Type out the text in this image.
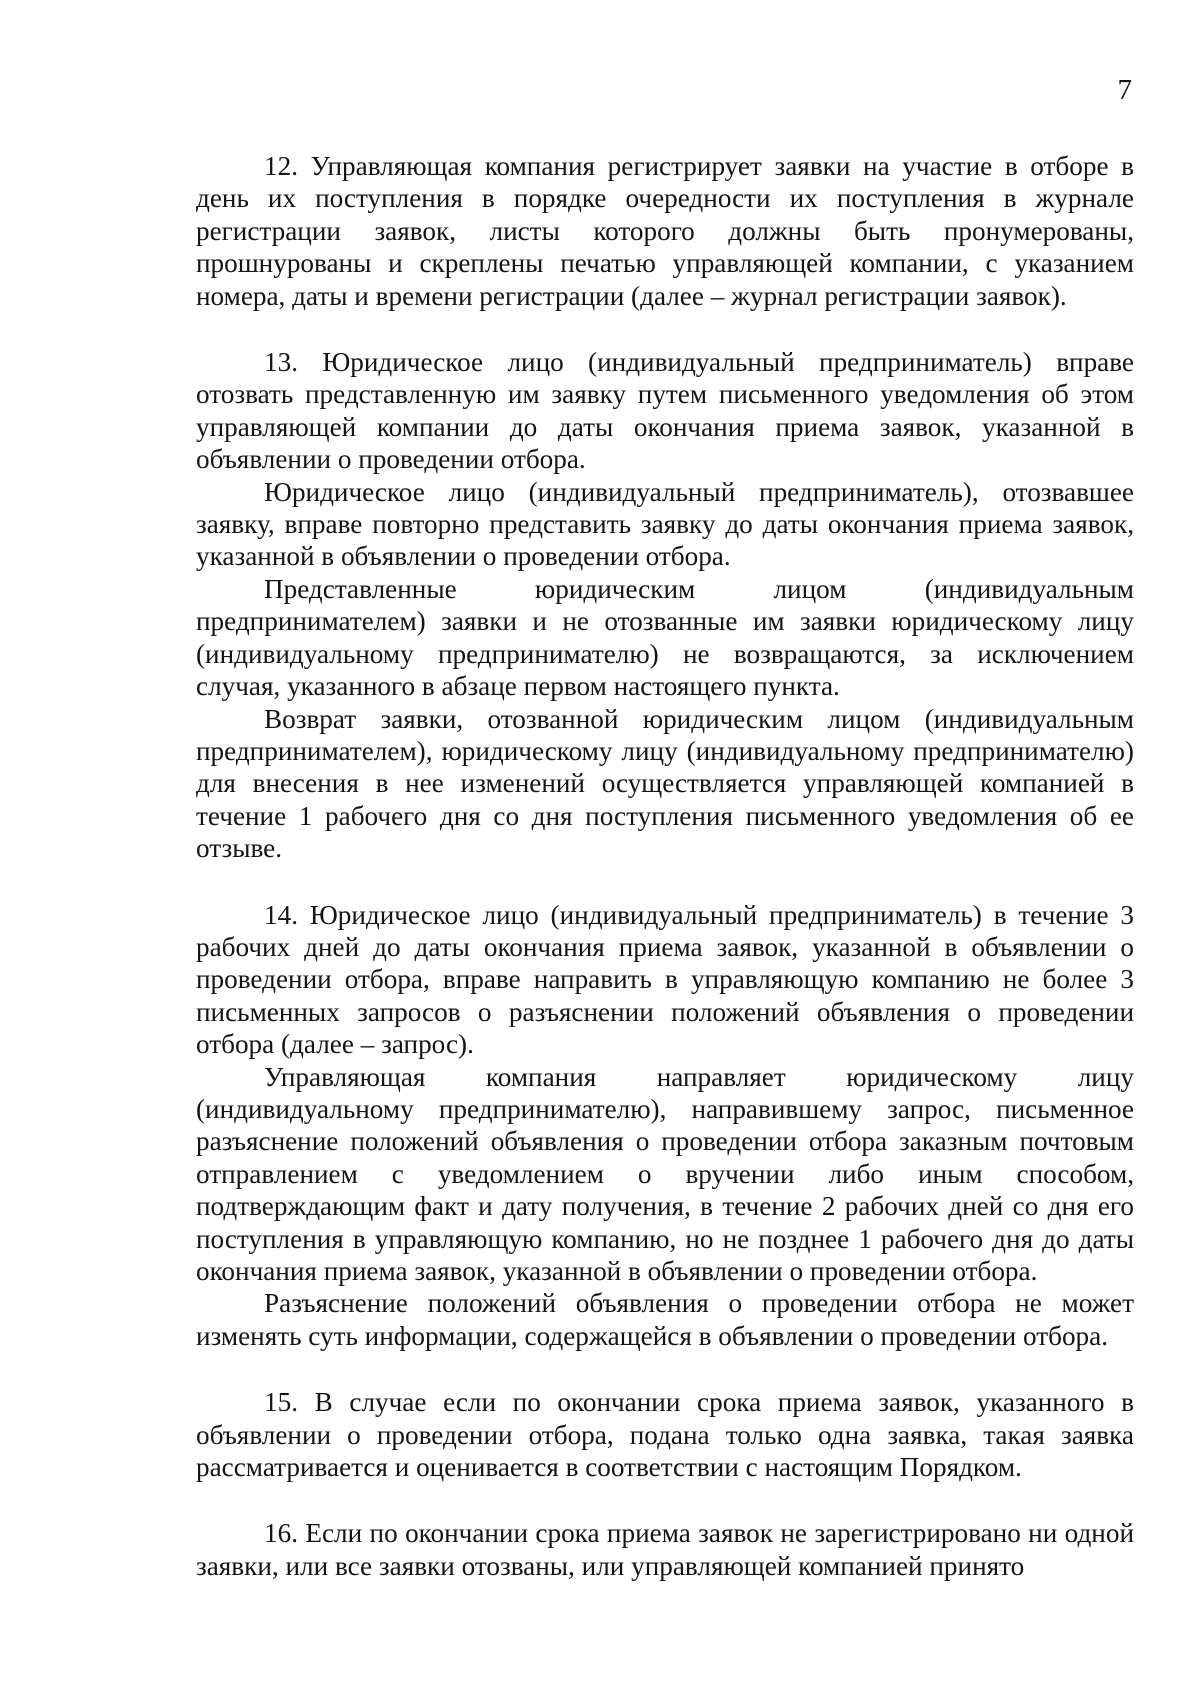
7

12. Управляющая компания регистрирует заявки на участие в отборе в день их поступления в порядке очередности их поступления в журнале регистрации заявок, листы которого должны быть пронумерованы, прошнурованы и скреплены печатью управляющей компании, с указанием номера, даты и времени регистрации (далее – журнал регистрации заявок).

13. Юридическое лицо (индивидуальный предприниматель) вправе отозвать представленную им заявку путем письменного уведомления об этом управляющей компании до даты окончания приема заявок, указанной в объявлении о проведении отбора.

Юридическое лицо (индивидуальный предприниматель), отозвавшее заявку, вправе повторно представить заявку до даты окончания приема заявок, указанной в объявлении о проведении отбора.

Представленные юридическим лицом (индивидуальным предпринимателем) заявки и не отозванные им заявки юридическому лицу (индивидуальному предпринимателю) не возвращаются, за исключением случая, указанного в абзаце первом настоящего пункта.

Возврат заявки, отозванной юридическим лицом (индивидуальным предпринимателем), юридическому лицу (индивидуальному предпринимателю) для внесения в нее изменений осуществляется управляющей компанией в течение 1 рабочего дня со дня поступления письменного уведомления об ее отзыве.

14. Юридическое лицо (индивидуальный предприниматель) в течение 3 рабочих дней до даты окончания приема заявок, указанной в объявлении о проведении отбора, вправе направить в управляющую компанию не более 3 письменных запросов о разъяснении положений объявления о проведении отбора (далее – запрос).

Управляющая компания направляет юридическому лицу (индивидуальному предпринимателю), направившему запрос, письменное разъяснение положений объявления о проведении отбора заказным почтовым отправлением с уведомлением о вручении либо иным способом, подтверждающим факт и дату получения, в течение 2 рабочих дней со дня его поступления в управляющую компанию, но не позднее 1 рабочего дня до даты окончания приема заявок, указанной в объявлении о проведении отбора.

Разъяснение положений объявления о проведении отбора не может изменять суть информации, содержащейся в объявлении о проведении отбора.

15. В случае если по окончании срока приема заявок, указанного в объявлении о проведении отбора, подана только одна заявка, такая заявка рассматривается и оценивается в соответствии с настоящим Порядком.

16. Если по окончании срока приема заявок не зарегистрировано ни одной заявки, или все заявки отозваны, или управляющей компанией принято
